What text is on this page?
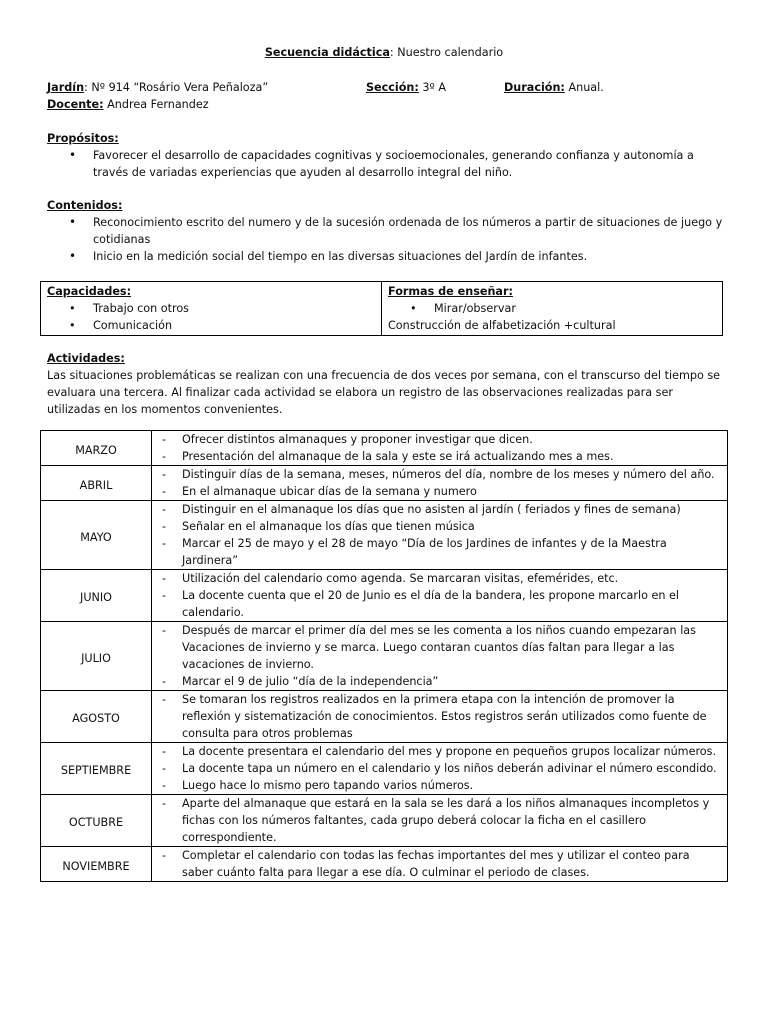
Secuencia didáctica: Nuestro calendario
Jardín: Nº 914 “Rosário Vera Peñaloza”	Sección: 3º A	Duración: Anual.
Docente: Andrea Fernandez
Propósitos:
• Favorecer el desarrollo de capacidades cognitivas y socioemocionales, generando confianza y autonomía a través de variadas experiencias que ayuden al desarrollo integral del niño.
Contenidos:
• Reconocimiento escrito del numero y de la sucesión ordenada de los números a partir de situaciones de juego y cotidianas
• Inicio en la medición social del tiempo en las diversas situaciones del Jardín de infantes.
Capacidades:
• Trabajo con otros
• Comunicación

Formas de enseñar:
• Mirar/observar
Construcción de alfabetización +cultural
Actividades:
Las situaciones problemáticas se realizan con una frecuencia de dos veces por semana, con el transcurso del tiempo se evaluara una tercera. Al finalizar cada actividad se elabora un registro de las observaciones realizadas para ser utilizadas en los momentos convenientes.
MARZO	- Ofrecer distintos almanaques y proponer investigar que dicen.
- Presentación del almanaque de la sala y este se irá actualizando mes a mes.

ABRIL	- Distinguir días de la semana, meses, números del día, nombre de los meses y número del año.
- En el almanaque ubicar días de la semana y numero

MAYO	- Distinguir en el almanaque los días que no asisten al jardín ( feriados y fines de semana)
- Señalar en el almanaque los días que tienen música
- Marcar el 25 de mayo y el 28 de mayo “Día de los Jardines de infantes y de la Maestra Jardinera”

JUNIO	- Utilización del calendario como agenda. Se marcaran visitas, efemérides, etc.
- La docente cuenta que el 20 de Junio es el día de la bandera, les propone marcarlo en el calendario.

JULIO	- Después de marcar el primer día del mes se les comenta a los niños cuando empezaran las Vacaciones de invierno y se marca. Luego contaran cuantos días faltan para llegar a las vacaciones de invierno.
- Marcar el 9 de julio “día de la independencia”

AGOSTO	- Se tomaran los registros realizados en la primera etapa con la intención de promover la reflexión y sistematización de conocimientos. Estos registros serán utilizados como fuente de consulta para otros problemas

SEPTIEMBRE	- La docente presentara el calendario del mes y propone en pequeños grupos localizar números.
- La docente tapa un número en el calendario y los niños deberán adivinar el número escondido.
- Luego hace lo mismo pero tapando varios números.

OCTUBRE	- Aparte del almanaque que estará en la sala se les dará a los niños almanaques incompletos y fichas con los números faltantes, cada grupo deberá colocar la ficha en el casillero correspondiente.

NOVIEMBRE	- Completar el calendario con todas las fechas importantes del mes y utilizar el conteo para saber cuánto falta para llegar a ese día. O culminar el periodo de clases.
